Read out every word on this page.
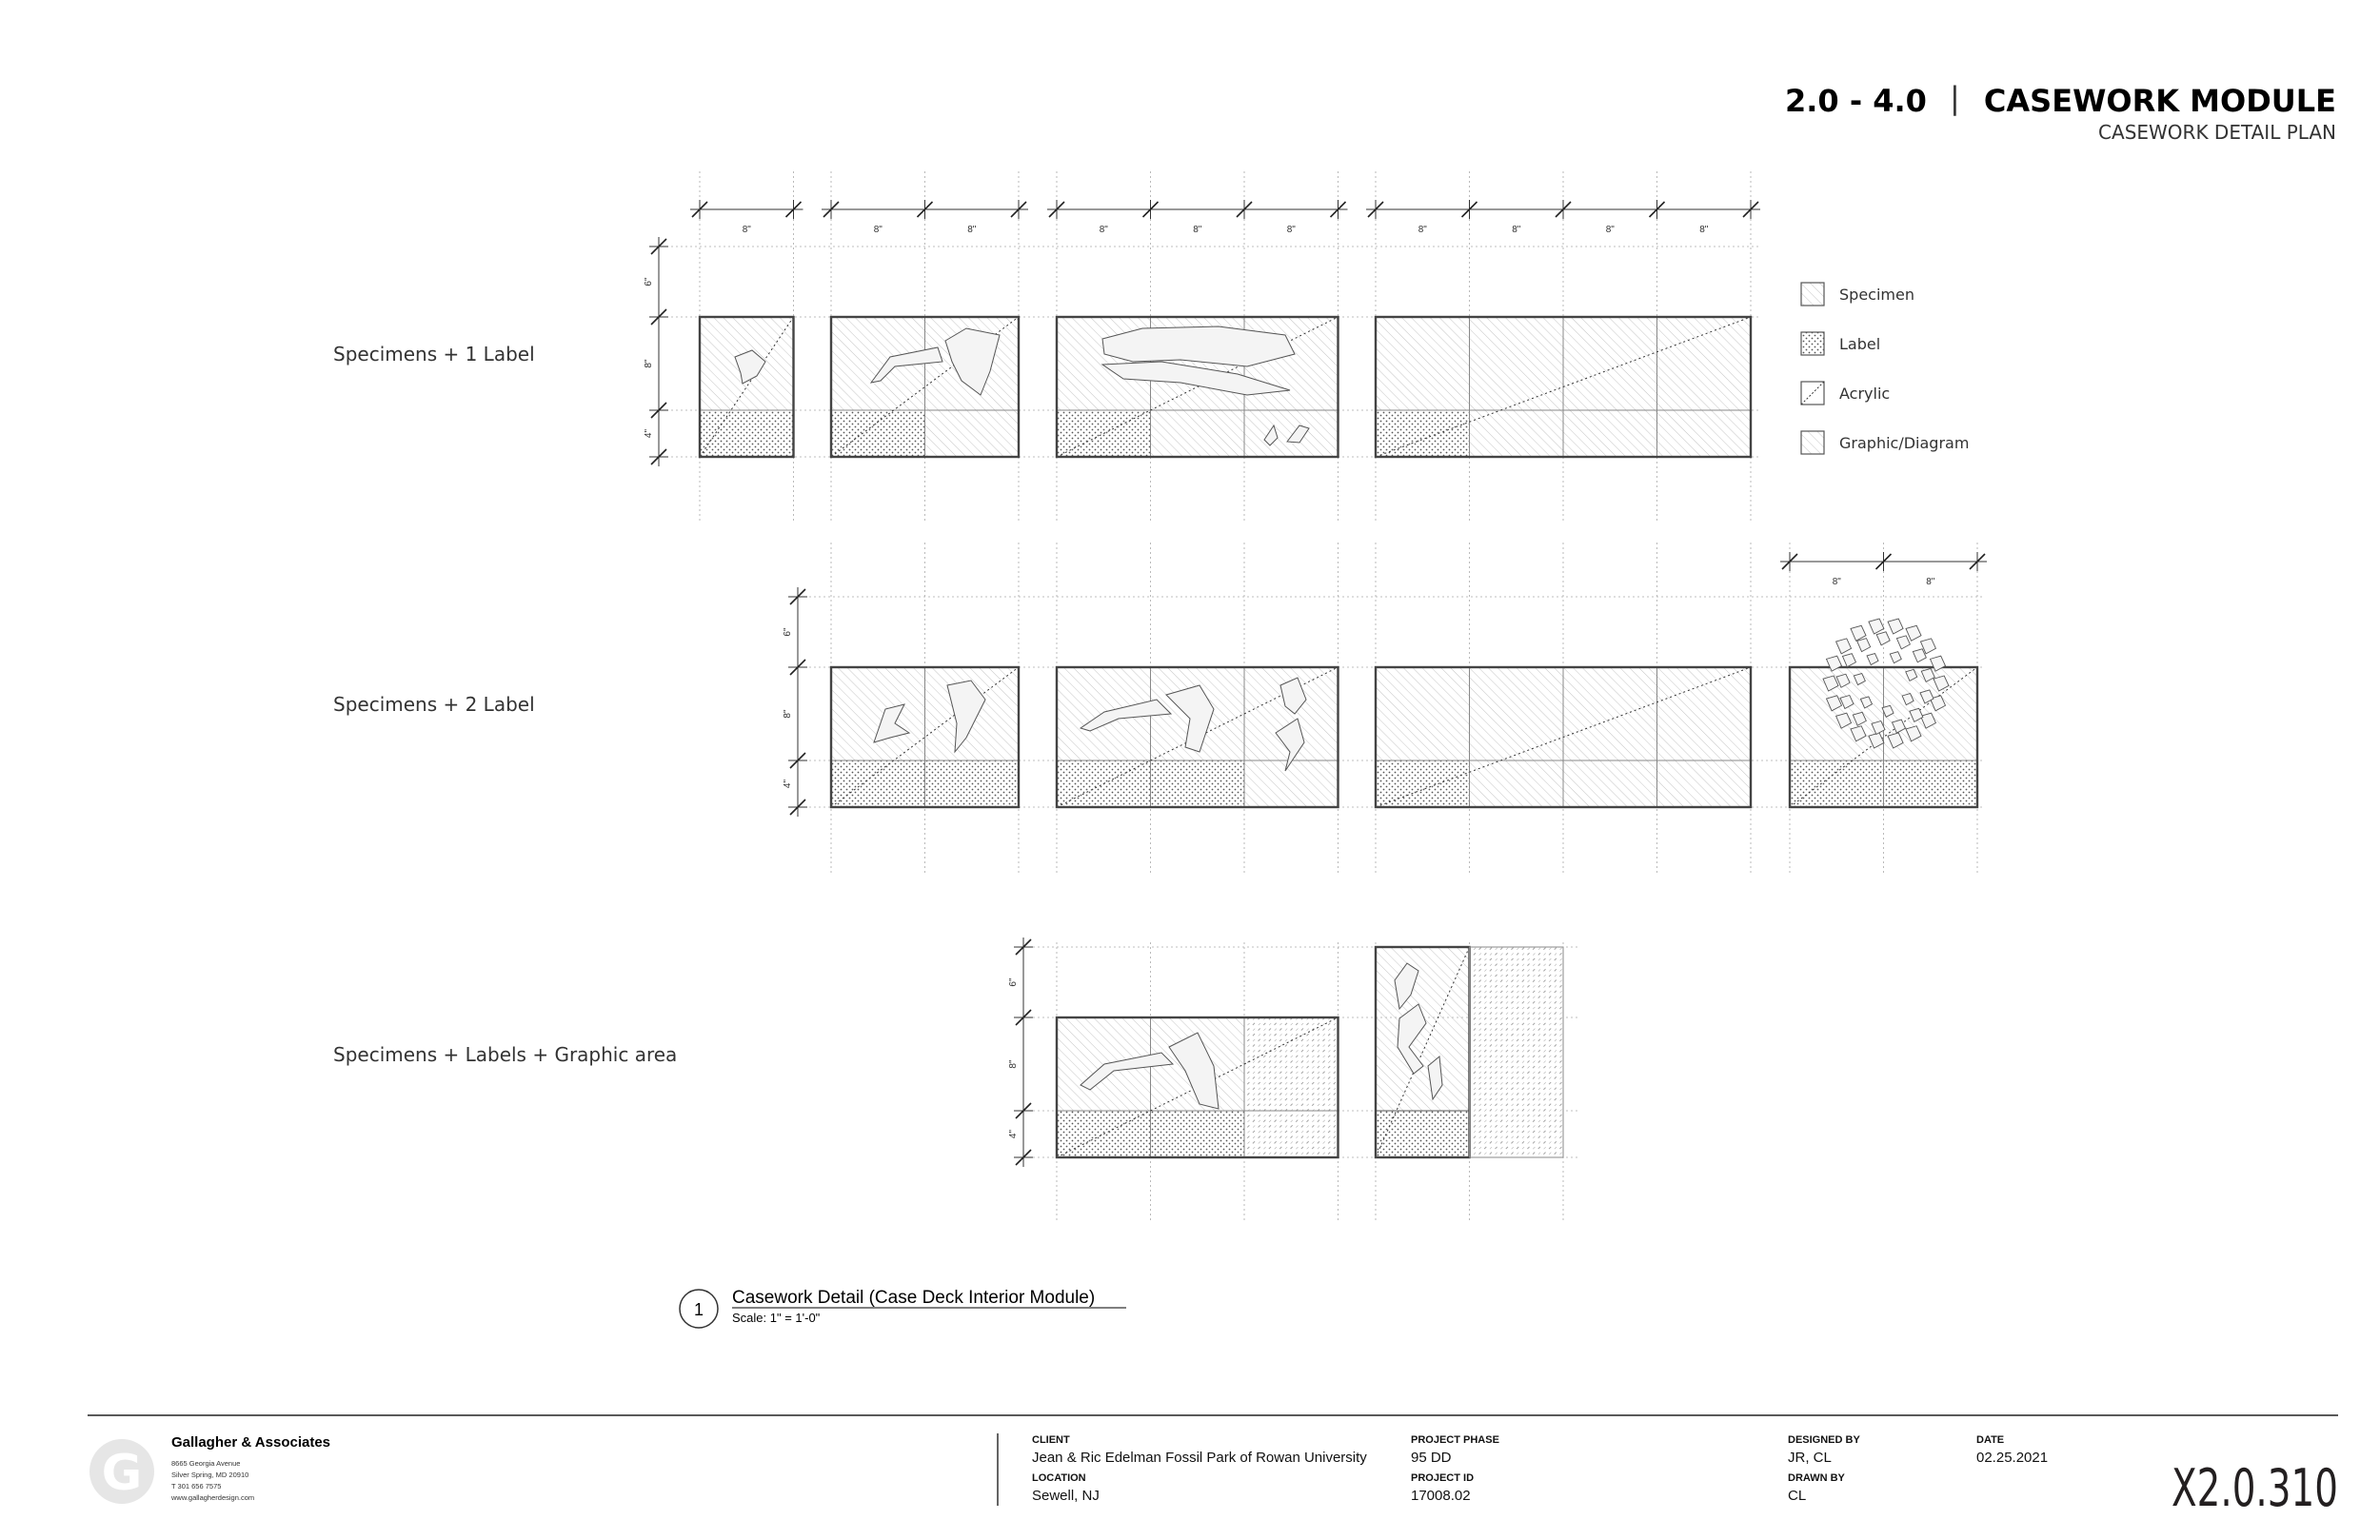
2.0 - 4.0 | CASEWORK MODULE
CASEWORK DETAIL PLAN
Specimens + 1 Label
Specimens + 2 Label
Specimens + Labels + Graphic area
8"	8"	8"	8"	8"	8"	8"	8"	8"	8"
6"
8"
4"
8"	8"
6"
8"
4"
6"
8"
4"
Specimen
Label
Acrylic
Graphic/Diagram
1
Casework Detail (Case Deck Interior Module)
Scale: 1" = 1'-0"
G
Gallagher & Associates
8665 Georgia Avenue
Silver Spring, MD 20910
T 301 656 7575
www.gallagherdesign.com
CLIENT
Jean & Ric Edelman Fossil Park of Rowan University
LOCATION
Sewell, NJ
PROJECT PHASE
95 DD
PROJECT ID
17008.02
DESIGNED BY
JR, CL
DRAWN BY
CL
DATE
02.25.2021
X2.0.310
